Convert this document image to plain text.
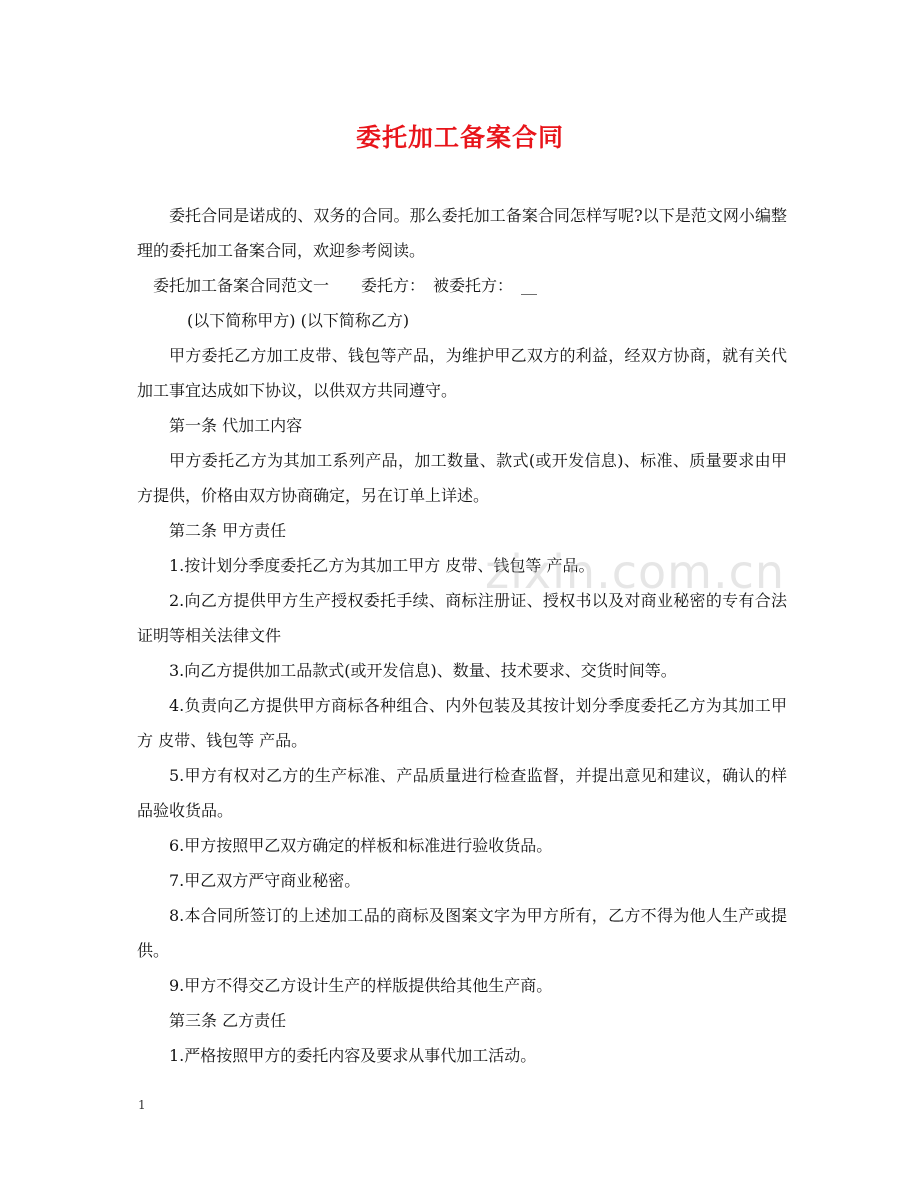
委托加工备案合同

委托合同是诺成的、双务的合同。那么委托加工备案合同怎样写呢?以下是范文网小编整理的委托加工备案合同，欢迎参考阅读。

委托加工备案合同范文一　　委托方：　被委托方：　__

(以下简称甲方) (以下简称乙方)

甲方委托乙方加工皮带、钱包等产品，为维护甲乙双方的利益，经双方协商，就有关代加工事宜达成如下协议，以供双方共同遵守。

第一条 代加工内容

甲方委托乙方为其加工系列产品，加工数量、款式(或开发信息)、标准、质量要求由甲方提供，价格由双方协商确定，另在订单上详述。

第二条 甲方责任

1.按计划分季度委托乙方为其加工甲方 皮带、钱包等 产品。

2.向乙方提供甲方生产授权委托手续、商标注册证、授权书以及对商业秘密的专有合法证明等相关法律文件

3.向乙方提供加工品款式(或开发信息)、数量、技术要求、交货时间等。

4.负责向乙方提供甲方商标各种组合、内外包装及其按计划分季度委托乙方为其加工甲方 皮带、钱包等 产品。

5.甲方有权对乙方的生产标准、产品质量进行检查监督，并提出意见和建议，确认的样品验收货品。

6.甲方按照甲乙双方确定的样板和标准进行验收货品。

7.甲乙双方严守商业秘密。

8.本合同所签订的上述加工品的商标及图案文字为甲方所有，乙方不得为他人生产或提供。

9.甲方不得交乙方设计生产的样版提供给其他生产商。

第三条 乙方责任

1.严格按照甲方的委托内容及要求从事代加工活动。

zixin.com.cn
1
